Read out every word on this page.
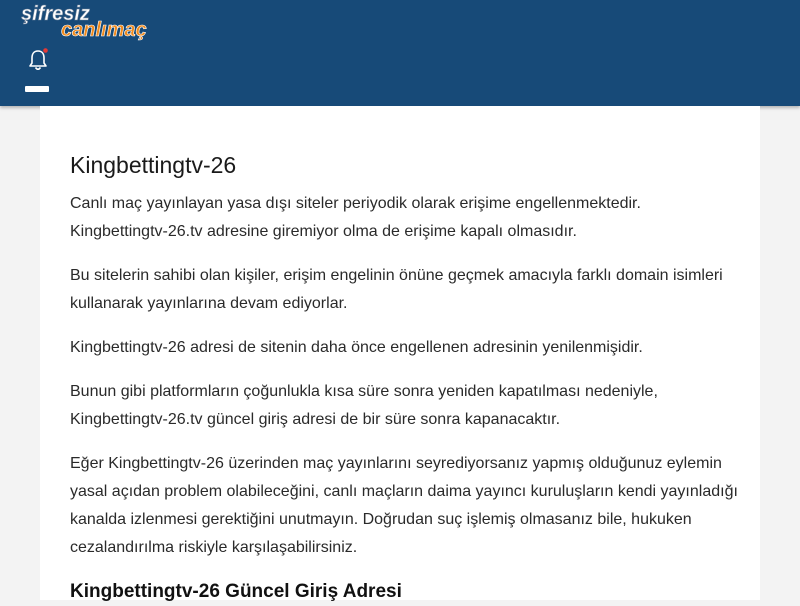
şifresiz
canlımaç
Kingbettingtv-26

Canlı maç yayınlayan yasa dışı siteler periyodik olarak erişime engellenmektedir. Kingbettingtv-26.tv adresine giremiyor olma de erişime kapalı olmasıdır.

Bu sitelerin sahibi olan kişiler, erişim engelinin önüne geçmek amacıyla farklı domain isimleri kullanarak yayınlarına devam ediyorlar.

Kingbettingtv-26 adresi de sitenin daha önce engellenen adresinin yenilenmişidir.

Bunun gibi platformların çoğunlukla kısa süre sonra yeniden kapatılması nedeniyle, Kingbettingtv-26.tv güncel giriş adresi de bir süre sonra kapanacaktır.

Eğer Kingbettingtv-26 üzerinden maç yayınlarını seyrediyorsanız yapmış olduğunuz eylemin yasal açıdan problem olabileceğini, canlı maçların daima yayıncı kuruluşların kendi yayınladığı kanalda izlenmesi gerektiğini unutmayın. Doğrudan suç işlemiş olmasanız bile, hukuken cezalandırılma riskiyle karşılaşabilirsiniz.

Kingbettingtv-26 Güncel Giriş Adresi
